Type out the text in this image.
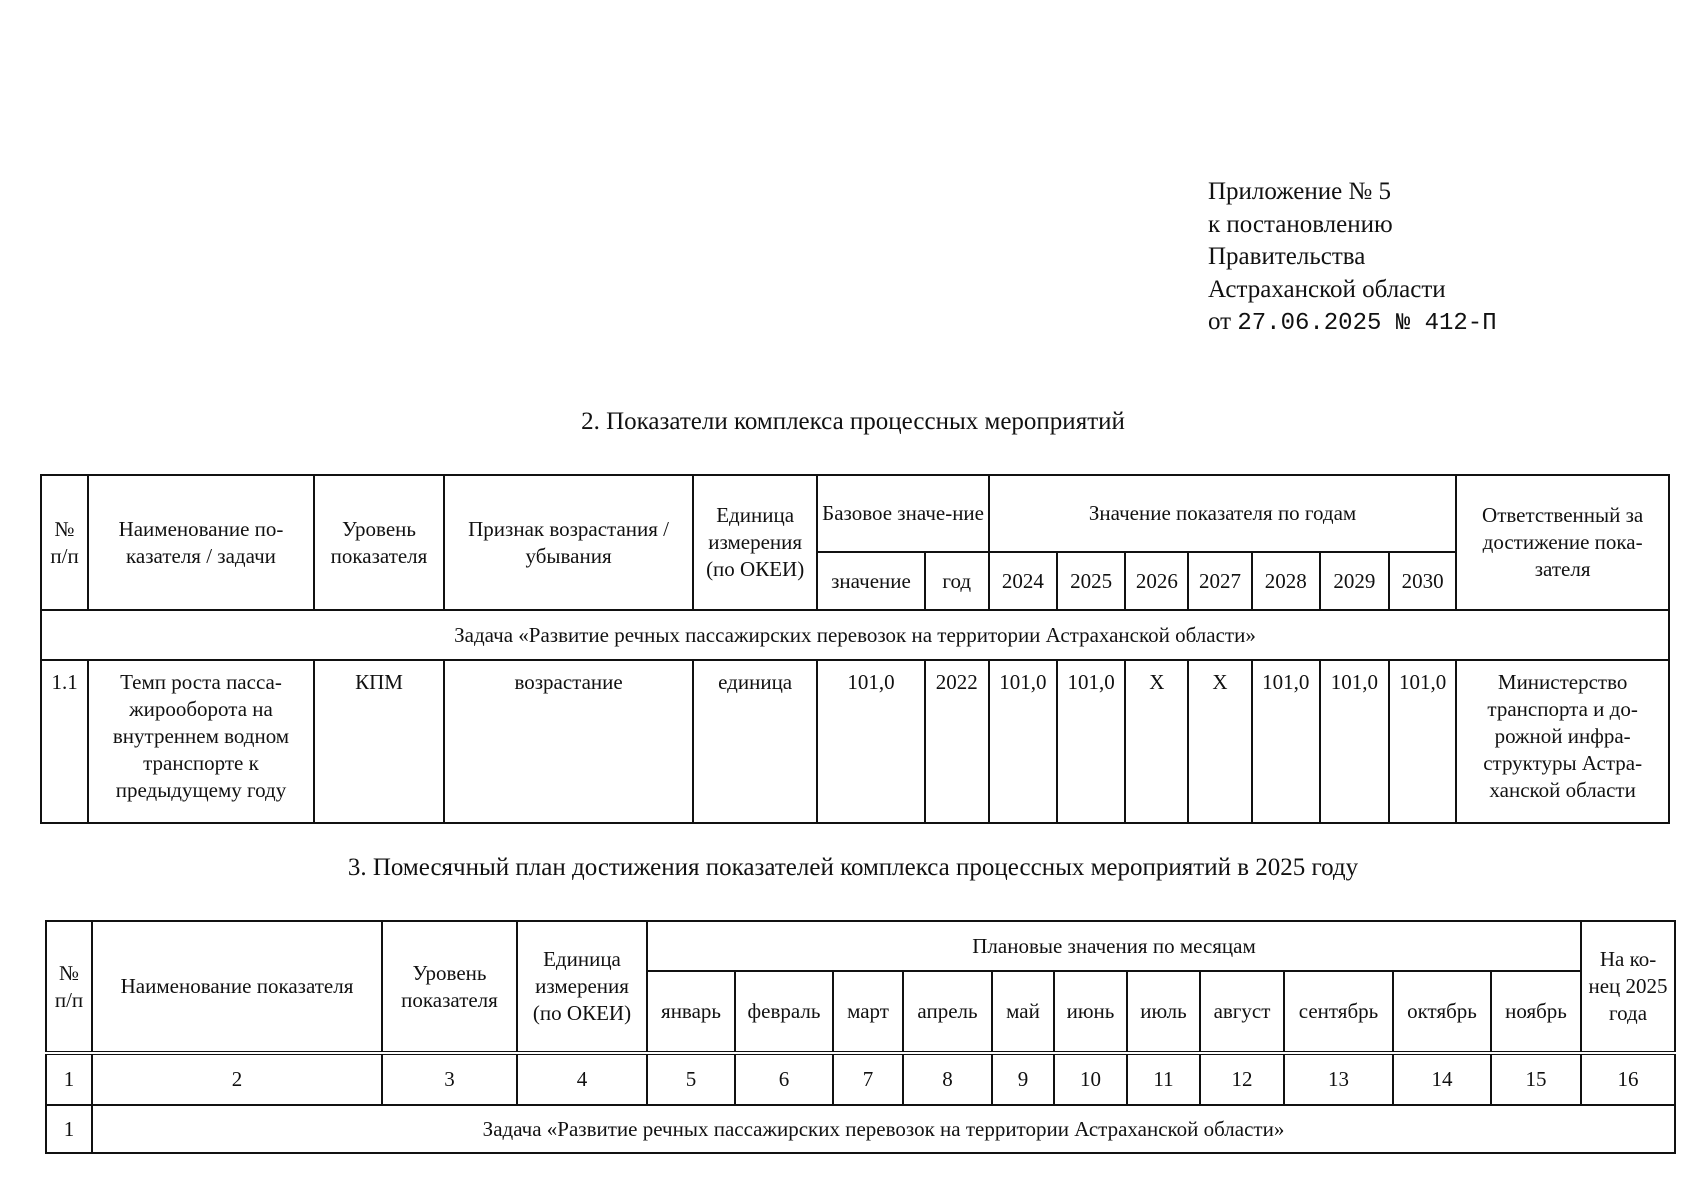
Приложение № 5
к постановлению
Правительства
Астраханской области
от 27.06.2025 № 412-П
2. Показатели комплекса процессных мероприятий
№ п/п	Наименование по-казателя / задачи	Уровень показателя	Признак возрастания / убывания	Единица измерения (по ОКЕИ)	Базовое значе-ние		Значение показателя по годам							Ответственный за достижение пока-зателя
					значение	год	2024	2025	2026	2027	2028	2029	2030	
Задача «Развитие речных пассажирских перевозок на территории Астраханской области»														
1.1	Темп роста пасса-жирооборота на внутреннем водном транспорте к предыдущему году	КПМ	возрастание	единица	101,0	2022	101,0	101,0	X	X	101,0	101,0	101,0	Министерство транспорта и до-рожной инфра-структуры Астра-ханской области
3. Помесячный план достижения показателей комплекса процессных мероприятий в 2025 году
№ п/п	Наименование показателя	Уровень показателя	Единица измерения (по ОКЕИ)	Плановые значения по месяцам											На ко-нец 2025 года
				январь	февраль	март	апрель	май	июнь	июль	август	сентябрь	октябрь	ноябрь	
1	2	3	4	5	6	7	8	9	10	11	12	13	14	15	16
1	Задача «Развитие речных пассажирских перевозок на территории Астраханской области»														
